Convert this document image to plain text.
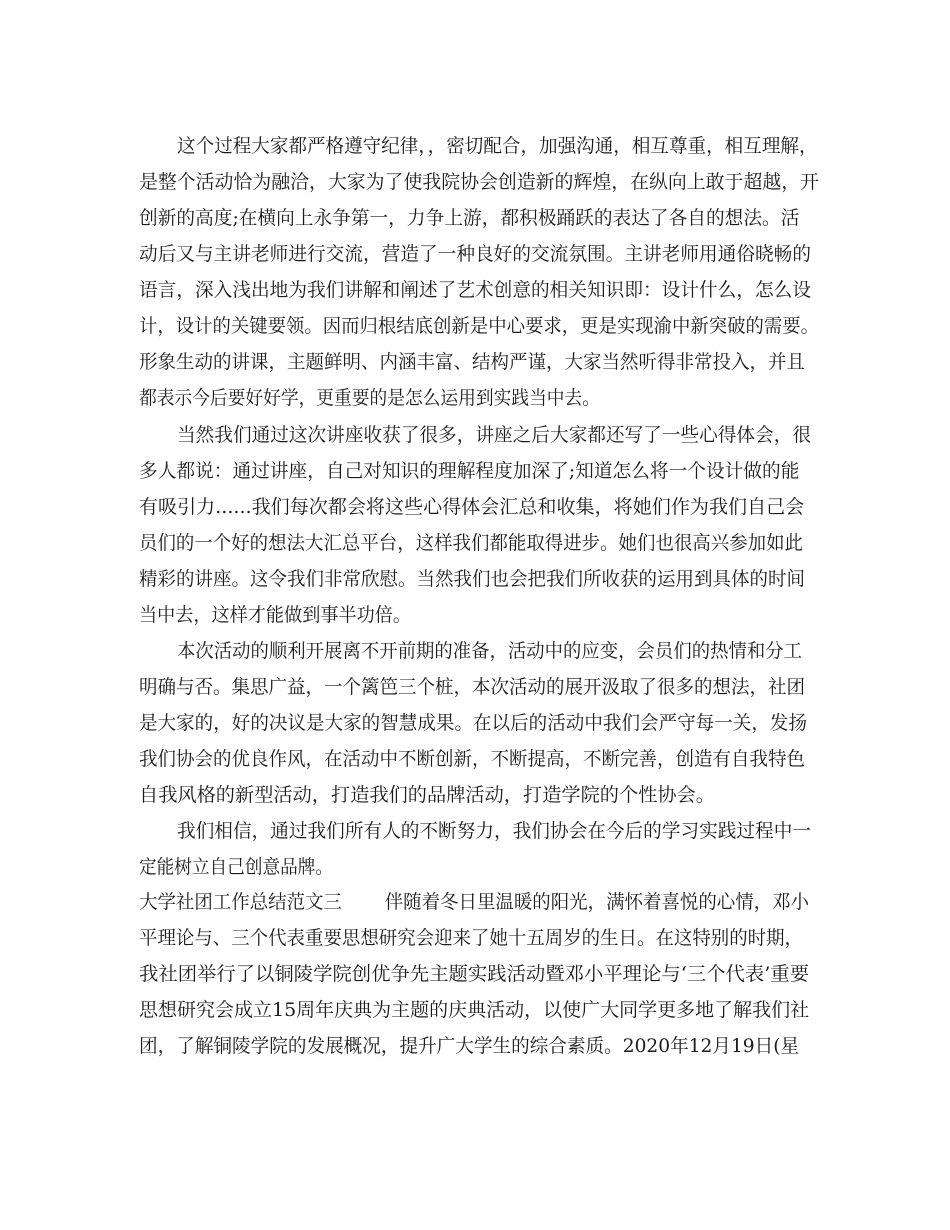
这个过程大家都严格遵守纪律，，密切配合，加强沟通，相互尊重，相互理解，
是整个活动恰为融洽，大家为了使我院协会创造新的辉煌，在纵向上敢于超越，开
创新的高度;在横向上永争第一，力争上游，都积极踊跃的表达了各自的想法。活
动后又与主讲老师进行交流，营造了一种良好的交流氛围。主讲老师用通俗晓畅的
语言，深入浅出地为我们讲解和阐述了艺术创意的相关知识即：设计什么，怎么设
计，设计的关键要领。因而归根结底创新是中心要求，更是实现渝中新突破的需要。
形象生动的讲课，主题鲜明、内涵丰富、结构严谨，大家当然听得非常投入，并且
都表示今后要好好学，更重要的是怎么运用到实践当中去。
当然我们通过这次讲座收获了很多，讲座之后大家都还写了一些心得体会，很
多人都说：通过讲座，自己对知识的理解程度加深了;知道怎么将一个设计做的能
有吸引力......我们每次都会将这些心得体会汇总和收集，将她们作为我们自己会
员们的一个好的想法大汇总平台，这样我们都能取得进步。她们也很高兴参加如此
精彩的讲座。这令我们非常欣慰。当然我们也会把我们所收获的运用到具体的时间
当中去，这样才能做到事半功倍。
本次活动的顺利开展离不开前期的准备，活动中的应变，会员们的热情和分工
明确与否。集思广益，一个篱笆三个桩，本次活动的展开汲取了很多的想法，社团
是大家的，好的决议是大家的智慧成果。在以后的活动中我们会严守每一关，发扬
我们协会的优良作风，在活动中不断创新，不断提高，不断完善，创造有自我特色
自我风格的新型活动，打造我们的品牌活动，打造学院的个性协会。
我们相信，通过我们所有人的不断努力，我们协会在今后的学习实践过程中一
定能树立自己创意品牌。
大学社团工作总结范文三 　　伴随着冬日里温暖的阳光，满怀着喜悦的心情，邓小
平理论与、三个代表重要思想研究会迎来了她十五周岁的生日。在这特别的时期，
我社团举行了以铜陵学院创优争先主题实践活动暨邓小平理论与‘三个代表’重要
思想研究会成立15周年庆典为主题的庆典活动，以使广大同学更多地了解我们社
团，了解铜陵学院的发展概况，提升广大学生的综合素质。2020年12月19日(星
